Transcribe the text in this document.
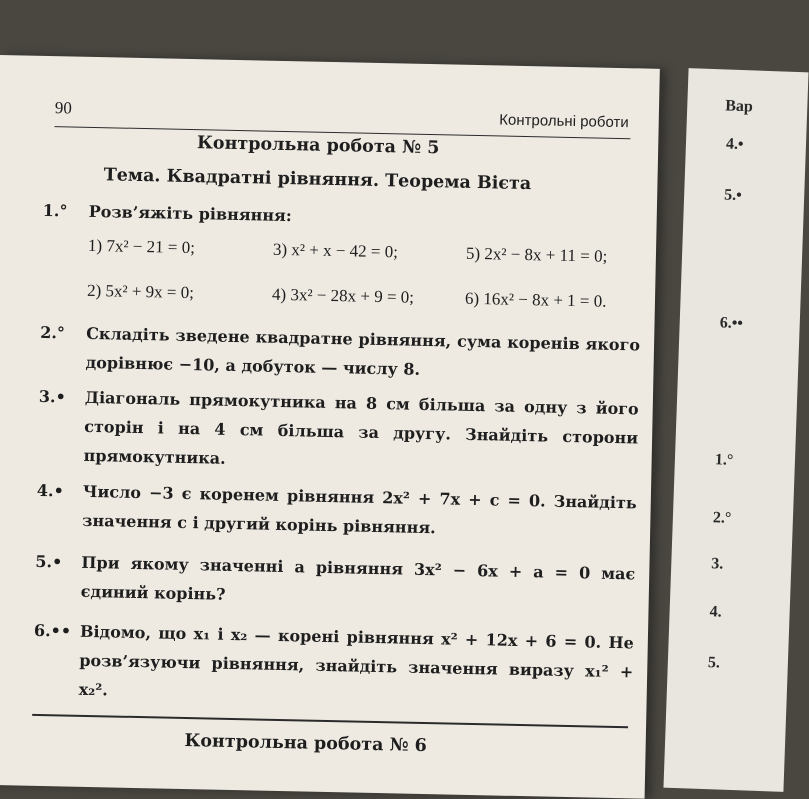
Вар
4.•
5.•
6.••
1.°
2.°
3.
4.
5.
90
Контрольні роботи
Контрольна робота № 5
Тема. Квадратні рівняння. Теорема Вієта
1.° Розв’яжіть рівняння:
1) 7x² − 21 = 0;	3) x² + x − 42 = 0;	5) 2x² − 8x + 11 = 0;
2) 5x² + 9x = 0;	4) 3x² − 28x + 9 = 0;	6) 16x² − 8x + 1 = 0.
2.° Складіть зведене квадратне рівняння, сума коренів якого дорівнює −10, а добуток — числу 8.
3.• Діагональ прямокутника на 8 см більша за одну з його сторін і на 4 см більша за другу. Знайдіть сторони прямокутника.
4.• Число −3 є коренем рівняння 2x² + 7x + c = 0. Знайдіть значення c і другий корінь рівняння.
5.• При якому значенні a рівняння 3x² − 6x + a = 0 має єдиний корінь?
6.•• Відомо, що x₁ і x₂ — корені рівняння x² + 12x + 6 = 0. Не розв’язуючи рівняння, знайдіть значення виразу x₁² + x₂².
Контрольна робота № 6
